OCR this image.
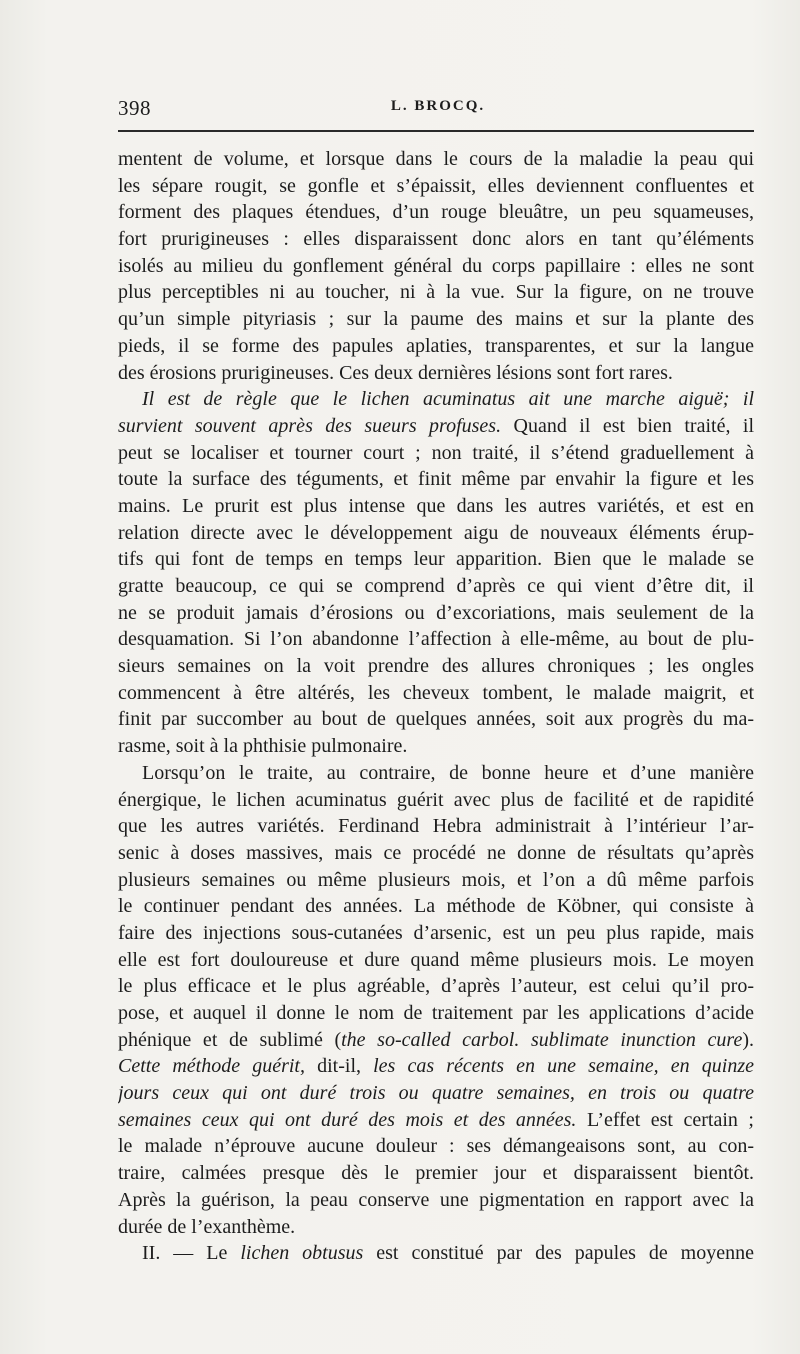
398	L. BROCQ.
mentent de volume, et lorsque dans le cours de la maladie la peau qui
les sépare rougit, se gonfle et s’épaissit, elles deviennent confluentes et
forment des plaques étendues, d’un rouge bleuâtre, un peu squameuses,
fort prurigineuses : elles disparaissent donc alors en tant qu’éléments
isolés au milieu du gonflement général du corps papillaire : elles ne sont
plus perceptibles ni au toucher, ni à la vue. Sur la figure, on ne trouve
qu’un simple pityriasis ; sur la paume des mains et sur la plante des
pieds, il se forme des papules aplaties, transparentes, et sur la langue
des érosions prurigineuses. Ces deux dernières lésions sont fort rares.
Il est de règle que le lichen acuminatus ait une marche aiguë; il
survient souvent après des sueurs profuses. Quand il est bien traité, il
peut se localiser et tourner court ; non traité, il s’étend graduellement à
toute la surface des téguments, et finit même par envahir la figure et les
mains. Le prurit est plus intense que dans les autres variétés, et est en
relation directe avec le développement aigu de nouveaux éléments érup-
tifs qui font de temps en temps leur apparition. Bien que le malade se
gratte beaucoup, ce qui se comprend d’après ce qui vient d’être dit, il
ne se produit jamais d’érosions ou d’excoriations, mais seulement de la
desquamation. Si l’on abandonne l’affection à elle-même, au bout de plu-
sieurs semaines on la voit prendre des allures chroniques ; les ongles
commencent à être altérés, les cheveux tombent, le malade maigrit, et
finit par succomber au bout de quelques années, soit aux progrès du ma-
rasme, soit à la phthisie pulmonaire.
Lorsqu’on le traite, au contraire, de bonne heure et d’une manière
énergique, le lichen acuminatus guérit avec plus de facilité et de rapidité
que les autres variétés. Ferdinand Hebra administrait à l’intérieur l’ar-
senic à doses massives, mais ce procédé ne donne de résultats qu’après
plusieurs semaines ou même plusieurs mois, et l’on a dû même parfois
le continuer pendant des années. La méthode de Köbner, qui consiste à
faire des injections sous-cutanées d’arsenic, est un peu plus rapide, mais
elle est fort douloureuse et dure quand même plusieurs mois. Le moyen
le plus efficace et le plus agréable, d’après l’auteur, est celui qu’il pro-
pose, et auquel il donne le nom de traitement par les applications d’acide
phénique et de sublimé (the so-called carbol. sublimate inunction cure).
Cette méthode guérit, dit-il, les cas récents en une semaine, en quinze
jours ceux qui ont duré trois ou quatre semaines, en trois ou quatre
semaines ceux qui ont duré des mois et des années. L’effet est certain ;
le malade n’éprouve aucune douleur : ses démangeaisons sont, au con-
traire, calmées presque dès le premier jour et disparaissent bientôt.
Après la guérison, la peau conserve une pigmentation en rapport avec la
durée de l’exanthème.
II. — Le lichen obtusus est constitué par des papules de moyenne
